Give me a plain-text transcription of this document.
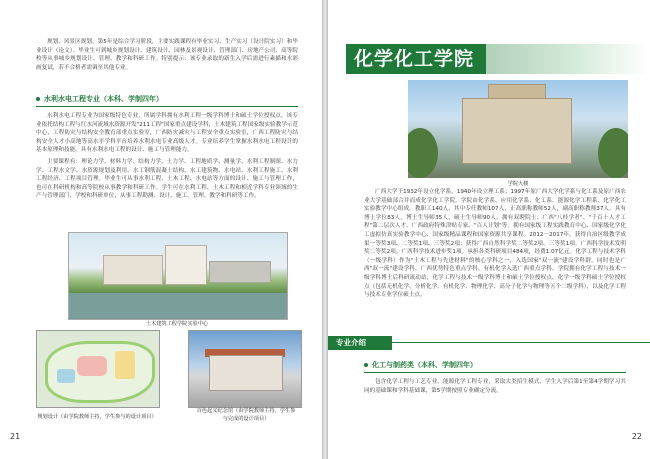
规划、风景区规划。第5年是综合学习阶段，主要实践课程有毕业实习、生产实习（设计院实习）和毕业设计（论文）。毕业生可到城乡规划设计、建筑设计、园林及景观设计、管理部门、房地产公司、高等院校等从事城乡规划设计、管理、教学和科研工作。特别提示：该专业录取的新生入学后需进行素描和水彩画复试，若不合格者需调至其他专业。
水利水电工程专业（本科、学制四年）
水利水电工程专业为国家级特色专业，所属学科拥有水利工程一级学科博士和硕士学位授权点。该专业依托结构工程与红水河流域水资源开发"211工程"国家重点建设学科，土木建筑工程国家级实验教学示范中心，工程防灾与结构安全教育部重点实验室，广西防灾减灾与工程安全重点实验室，广西工程防灾与结构安全人才小高地等高水平学科平台培养水利水电专业高级人才。专业培养学生掌握水利水电工程设计的基本原理和技能，具有水利水电工程的设计、施工与管理能力。
主要课程有：理论力学、材料力学、结构力学、土力学、工程地质学、测量学、水利工程制图、水力学、工程水文学、水资源规划及利用、水工钢筋混凝土结构、水工建筑物、水电站、水利工程施工、水利工程经济、工程项目管理。毕业生可从事水利工程、土木工程、水电站等方面的设计、施工与管理工作，也可在科研机构和高等院校从事教学和科研工作。学生可在水利工程、土木工程和相近学科专业领域的生产与管理部门、学校和科研单位，从事工程勘测、设计、施工、管理、教学和科研等工作。
土木建筑工程学院实验中心
规划设计（由学院教师主持，学生参与的设计项目）
百色起义纪念馆（由学院教师主持，学生参与完成的设计项目）
21
化学化工学院
学院大楼
广西大学于1932年设立化学系，1940年设立理工系；1997年原广西大学化学系与化工系及原广西农业大学基础部合并而成化学化工学院。学院由化学系、应用化学系、化工系、能源化学工程系、化学化工实验教学中心组成。教职工140人，其中专任教师107人，正高职称教师52人，副高职称教师37人。具有博士学位83人，博士生导师35人，硕士生导师90人。拥有双聘院士、广西"八桂学者"、"千百十人才工程"第二层次人才、广西政府特殊津贴专家、"百人计划"等。拥有国家级工程实践教育中心、国家级化学化工虚拟仿真实验教学中心、国家级精品课程和国家资源共享课程。2012－2017年，获得自治区级教学成果一等奖3项、二等奖1项、三等奖2项；获得广西自然科学奖二等奖2项、三等奖1项。广西科学技术发明奖二等奖2项。广西科学技术进步奖1项。承担各类科研项目484项，经费1.07亿元。化学工程与技术学科（一级学科）作为"土木工程与先进材料"的核心学科之一，入选国家"双一流"建设学科群。同时也是广西"双一流"建设学科，广西优势特色重点学科。有机化学入选广西重点学科。学院拥有化学工程与技术一级学科博士后科研流动站，化学工程与技术一级学科博士和硕士学位授权点，化学一级学科硕士学位授权点（包括无机化学、分析化学、有机化学、物理化学、高分子化学与物理等五个二级学科），以及化学工程与技术专业学位硕士点。
专业介绍
化工与制药类（本科、学制四年）
包含化学工程与工艺专业、能源化学工程专业，采取大类招生模式，学生入学后第1至第4学期学习共同的基础课和学科基础课，第5学期按照专业确定分流。
22
